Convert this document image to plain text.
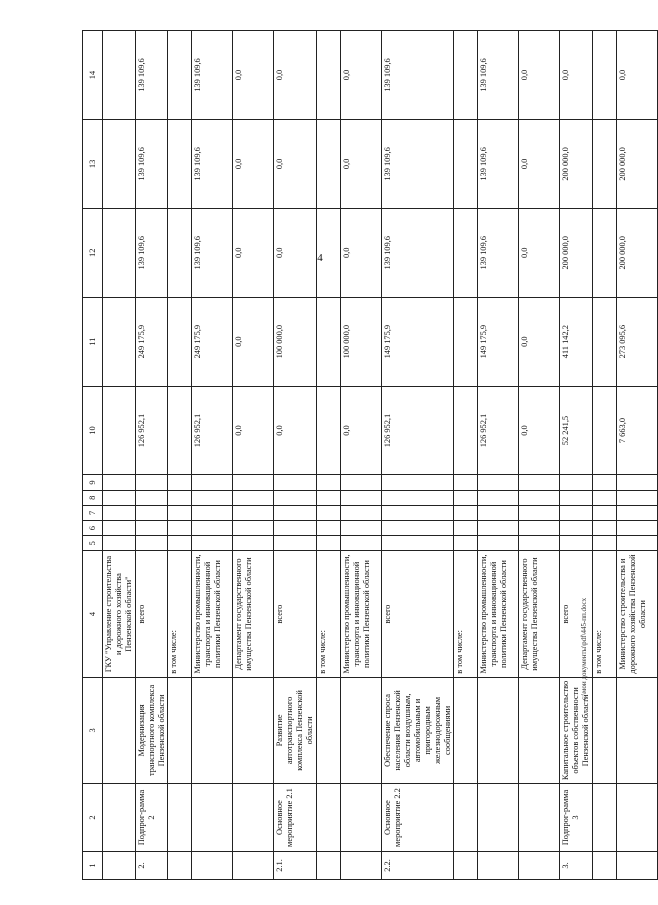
4
с:\мои документы\pdf\445-пп.docx
1	2	3	4	5	6	7	8	9	10	11	12	13	14
			ГКУ "Управление строительства и дорожного хозяйства Пензенской области"										
2.	Подпрог-рамма 2	Модернизация транспортного комплекса Пензенской области	всего						126 952,1	249 175,9	139 109,6	139 109,6	139 109,6
			в том числе:										
			Министерство промышленности, транспорта и инновационной политики Пензенской области						126 952,1	249 175,9	139 109,6	139 109,6	139 109,6
			Департамент государственного имущества Пензенской области						0,0	0,0	0,0	0,0	0,0
2.1.	Основное мероприятие 2.1	Развитие автотранспортного комплекса Пензенской области	всего						0,0	100 000,0	0,0	0,0	0,0
			в том числе:										
			Министерство промышленности, транспорта и инновационной политики Пензенской области						0,0	100 000,0	0,0	0,0	0,0
2.2.	Основное мероприятие 2.2	Обеспечение спроса населения Пензенской области воздушным, автомобильным и пригородным железнодорожным сообщениями	всего						126 952,1	149 175,9	139 109,6	139 109,6	139 109,6
			в том числе:										
			Министерство промышленности, транспорта и инновационной политики Пензенской области						126 952,1	149 175,9	139 109,6	139 109,6	139 109,6
			Департамент государственного имущества Пензенской области						0,0	0,0	0,0	0,0	0,0
3.	Подпрог-рамма 3	Капитальное строительство объектов собственности Пензенской области	всего						52 241,5	411 142,2	200 000,0	200 000,0	0,0
			в том числе:										
			Министерство строительства и дорожного хозяйства Пензенской области						7 663,0	273 095,6	200 000,0	200 000,0	0,0
